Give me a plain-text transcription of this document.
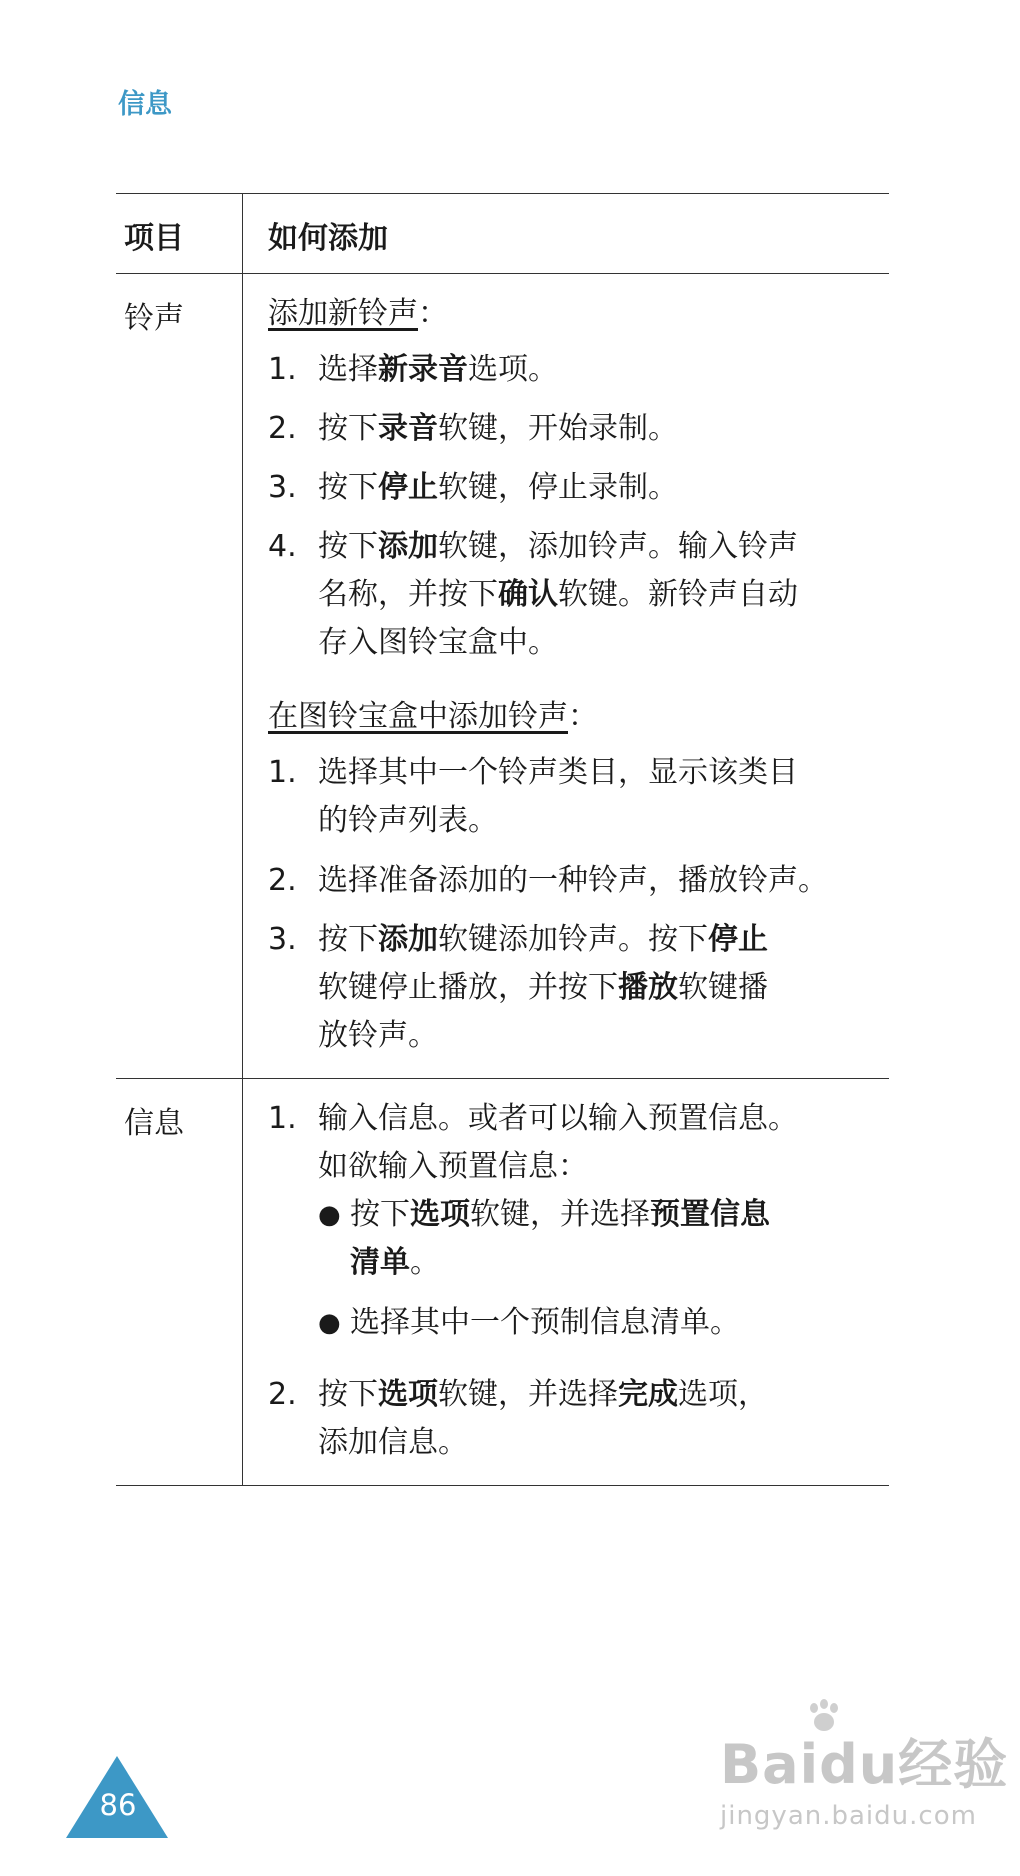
信息
项目	如何添加
铃声	添加新铃声：
1. 选择新录音选项。
2. 按下录音软键，开始录制。
3. 按下停止软键，停止录制。
4. 按下添加软键，添加铃声。输入铃声
名称，并按下确认软键。新铃声自动
存入图铃宝盒中。
在图铃宝盒中添加铃声：
1. 选择其中一个铃声类目，显示该类目
的铃声列表。
2. 选择准备添加的一种铃声，播放铃声。
3. 按下添加软键添加铃声。按下停止
软键停止播放，并按下播放软键播
放铃声。
信息	1. 输入信息。或者可以输入预置信息。
如欲输入预置信息：
● 按下选项软键，并选择预置信息
清单。
● 选择其中一个预制信息清单。
2. 按下选项软键，并选择完成选项，
添加信息。
86
Baidu经验
jingyan.baidu.com
